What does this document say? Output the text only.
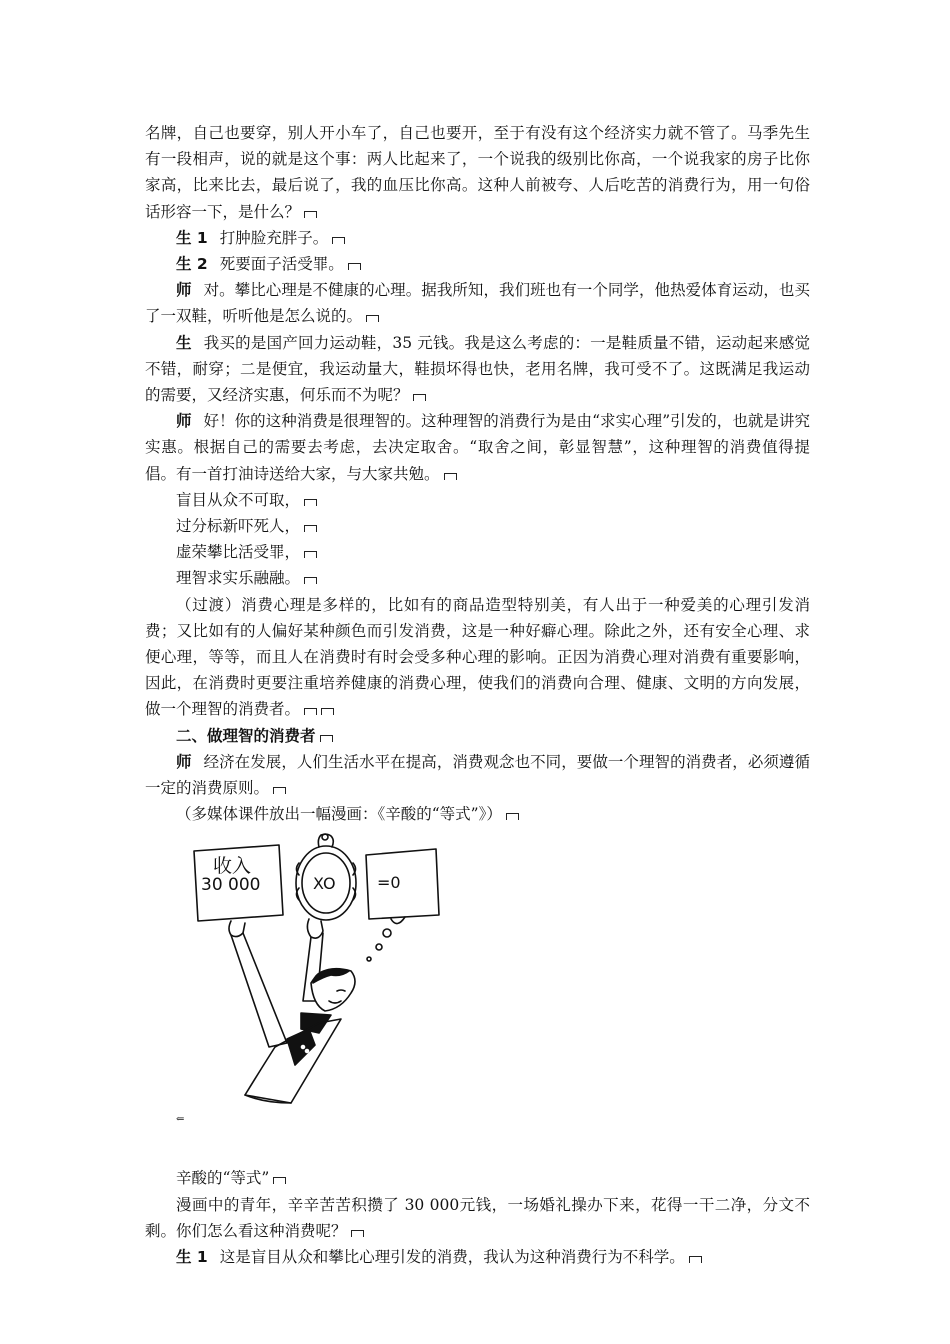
名牌，自己也要穿，别人开小车了，自己也要开，至于有没有这个经济实力就不管了。马季先生有一段相声，说的就是这个事：两人比起来了，一个说我的级别比你高，一个说我家的房子比你家高，比来比去，最后说了，我的血压比你高。这种人前被夸、人后吃苦的消费行为，用一句俗话形容一下，是什么？

生 1 打肿脸充胖子。

生 2 死要面子活受罪。

师 对。攀比心理是不健康的心理。据我所知，我们班也有一个同学，他热爱体育运动，也买了一双鞋，听听他是怎么说的。

生 我买的是国产回力运动鞋，35 元钱。我是这么考虑的：一是鞋质量不错，运动起来感觉不错，耐穿；二是便宜，我运动量大，鞋损坏得也快，老用名牌，我可受不了。这既满足我运动的需要，又经济实惠，何乐而不为呢？

师 好！你的这种消费是很理智的。这种理智的消费行为是由“求实心理”引发的，也就是讲究实惠。根据自己的需要去考虑，去决定取舍。“取舍之间，彰显智慧”，这种理智的消费值得提倡。有一首打油诗送给大家，与大家共勉。

盲目从众不可取，

过分标新吓死人，

虚荣攀比活受罪，

理智求实乐融融。

（过渡）消费心理是多样的，比如有的商品造型特别美，有人出于一种爱美的心理引发消费；又比如有的人偏好某种颜色而引发消费，这是一种好癖心理。除此之外，还有安全心理、求便心理，等等，而且人在消费时有时会受多种心理的影响。正因为消费心理对消费有重要影响，因此，在消费时更要注重培养健康的消费心理，使我们的消费向合理、健康、文明的方向发展，做一个理智的消费者。

二、做理智的消费者

师 经济在发展，人们生活水平在提高，消费观念也不同，要做一个理智的消费者，必须遵循一定的消费原则。

（多媒体课件放出一幅漫画：《辛酸的“等式”》）

收入
30 000	XO	=0
⇐

辛酸的“等式”

漫画中的青年，辛辛苦苦积攒了 30 000元钱，一场婚礼操办下来，花得一干二净，分文不剩。你们怎么看这种消费呢？

生 1 这是盲目从众和攀比心理引发的消费，我认为这种消费行为不科学。
